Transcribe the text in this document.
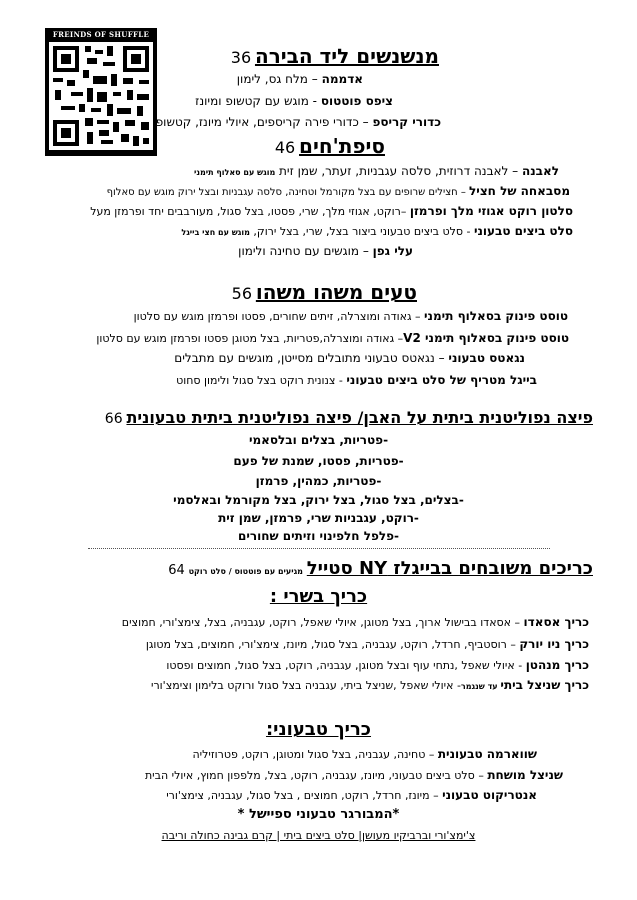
FREINDS OF SHUFFLE
מנשנשים ליד הבירה 36
אדממה – מלח גס, לימון
ציפס פוטטוס - מוגש עם קטשופ ומיונז
כדורי קריספ – כדורי פירה קריספים, איולי מיונז, קטשופ
סיפת'חים 46
לאבנה – לאבנה דרוזית, סלסה עגבניות, זעתר, שמן זית מוגש עם סאלוף תימני
מסבאחה של חציל – חצילים שרופים עם בצל מקורמל וטחינה, סלסה עגבניות ובצל ירוק מוגש עם סאלוף
סלטון רוקט אגוזי מלך ופרמזן –רוקט, אגוזי מלך, שרי, פסטו, בצל סגול, מעורבבים יחד ופרמזן מעל
סלט ביצים טבעוני - סלט ביצים טבעוני ביצור בצל, שרי, בצל ירוק, מוגש עם חצי בייגל
עלי גפן – מוגשים עם טחינה ולימון
טעים משהו משהו 56
טוסט פינוק בסאלוף תימני – גאודה ומוצרלה, זיתים שחורים, פסטו ופרמזן מוגש עם סלטון
טוסט פינוק בסאלוף תימני V2– גאודה ומוצרלה,פטריות, בצל מטוגן פסטו ופרמזן מוגש עם סלטון
נגאטס טבעוני – נגאטס טבעוני מתובלים מסייטן, מוגשים עם מתבלים
בייגל מטריף של סלט ביצים טבעוני - צנונית רוקט בצל סגול ולימון סחוט
פיצה נפוליטנית ביתית על האבן/ פיצה נפוליטנית ביתית טבעונית 66
-פטריות, בצלים ובלסאמי
-פטריות, פסטו, שמנת של פעם
-פטריות, כמהין, פרמזן
-בצלים, בצל סגול, בצל ירוק, בצל מקורמל ובאלסמי
-רוקט, עגבניות שרי, פרמזן, שמן זית
-פלפל חלפינוי וזיתים שחורים
כריכים משובחים בבייגלז NY סטייל מגיעים עם פוטטוס / סלט רוקט 64
כריך בשרי :
כריך אסאדו – אסאדו בבישול ארוך, בצל מטוגן, איולי שאפל, רוקט, עגבניה, בצל, צימצ'ורי, חמוצים
כריך ניו יורק – רוסטביף, חרדל, רוקט, עגבניה, בצל סגול, מיונז, צימצ'ורי, חמוצים, בצל מטוגן
כריך מנהטן - איולי שאפל ,נתחי עוף ובצל מטוגן, עגבניה, רוקט, בצל סגול, חמוצים ופסטו
כריך שניצל ביתי עד שנגמר- איולי שאפל ,שניצל ביתי, עגבניה בצל סגול ורוקט בלימון וצימצ'ורי
כריך טבעוני:
שווארמה טבעונית – טחינה, עגבניה, בצל סגול ומטוגן, רוקט, פטרוזיליה
שניצל מושחת – סלט ביצים טבעוני, מיונז, עגבניה, רוקט, בצל, מלפפון חמוץ, איולי הבית
אנטריקוט טבעוני – מיונז, חרדל, רוקט, חמוצים , בצל סגול, עגבניה, צימצ'ורי
*המבורגר טבעוני ספיישל *
צ'ימצ'ורי וברביקיו מעושן| סלט ביצים ביתי | קרם גבינה כחולה וריבה
